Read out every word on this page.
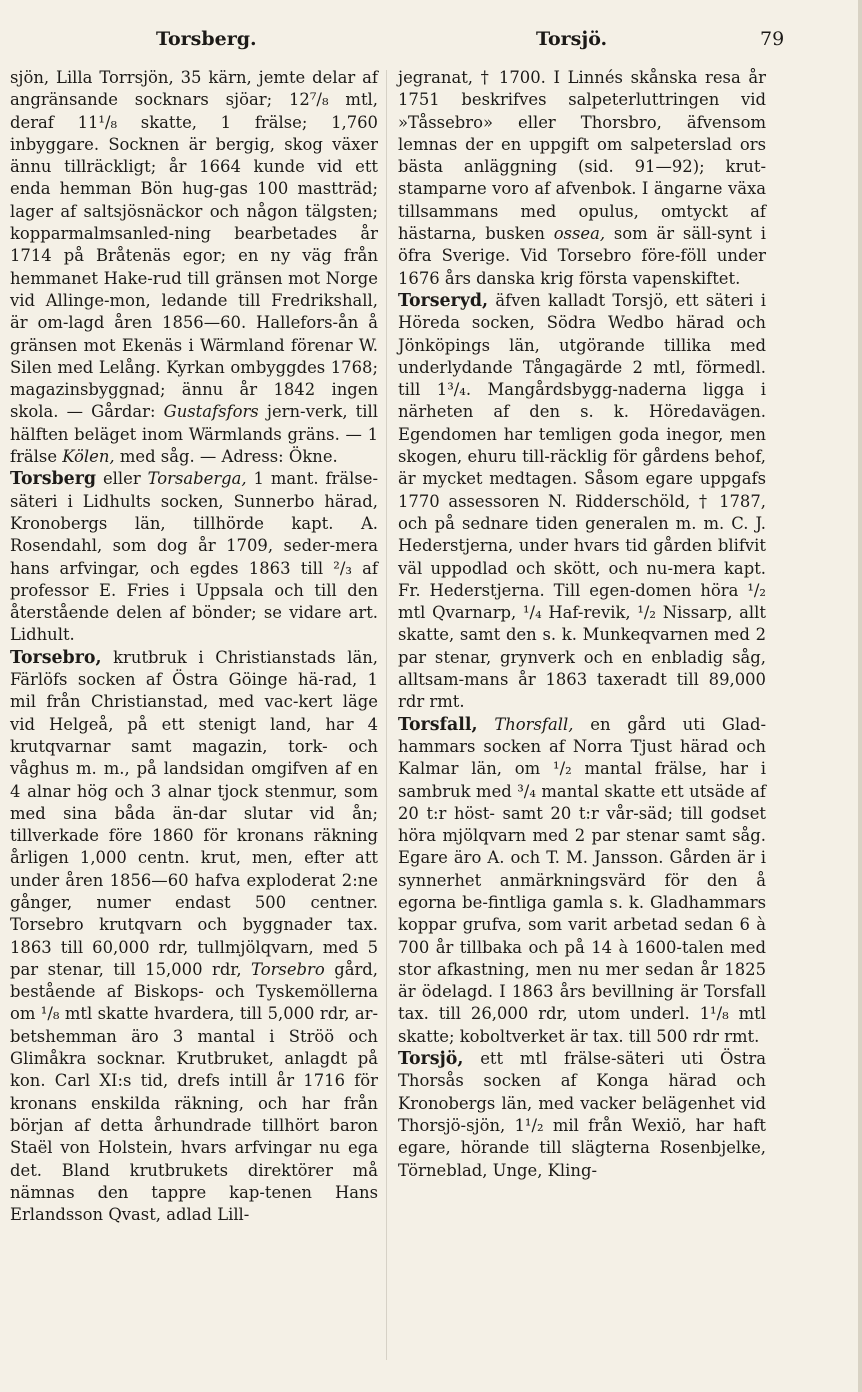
Torsberg.	Torsjö.	79

sjön, Lilla Torrsjön, 35 kärn, jemte delar af angränsande socknars sjöar; 12⁷/₈ mtl, deraf 11¹/₈ skatte, 1 frälse; 1,760 inbyggare. Socknen är bergig, skog växer ännu tillräckligt; år 1664 kunde vid ett enda hemman Bön hug-gas 100 mastträd; lager af saltsjösnäckor och någon tälgsten; kopparmalmsanled-ning bearbetades år 1714 på Bråtenäs egor; en ny väg från hemmanet Hake-rud till gränsen mot Norge vid Allinge-mon, ledande till Fredrikshall, är om-lagd åren 1856—60. Hallefors-ån å gränsen mot Ekenäs i Wärmland förenar W. Silen med Lelång. Kyrkan ombyggdes 1768; magazinsbyggnad; ännu år 1842 ingen skola. — Gårdar: Gustafsfors jern-verk, till hälften beläget inom Wärmlands gräns. — 1 frälse Kölen, med såg. — Adress: Ökne.

Torsberg eller Torsaberga, 1 mant. frälse-säteri i Lidhults socken, Sunnerbo härad, Kronobergs län, tillhörde kapt. A. Rosendahl, som dog år 1709, seder-mera hans arfvingar, och egdes 1863 till ²/₃ af professor E. Fries i Uppsala och till den återstående delen af bönder; se vidare art. Lidhult.

Torsebro, krutbruk i Christianstads län, Färlöfs socken af Östra Göinge hä-rad, 1 mil från Christianstad, med vac-kert läge vid Helgeå, på ett stenigt land, har 4 krutqvarnar samt magazin, tork- och våghus m. m., på landsidan omgifven af en 4 alnar hög och 3 alnar tjock stenmur, som med sina båda än-dar slutar vid ån; tillverkade före 1860 för kronans räkning årligen 1,000 centn. krut, men, efter att under åren 1856—60 hafva exploderat 2:ne gånger, numer endast 500 centner. Torsebro krutqvarn och byggnader tax. 1863 till 60,000 rdr, tullmjölqvarn, med 5 par stenar, till 15,000 rdr, Torsebro gård, bestående af Biskops- och Tyskemöllerna om ¹/₈ mtl skatte hvardera, till 5,000 rdr, ar-betshemman äro 3 mantal i Ströö och Glimåkra socknar. Krutbruket, anlagdt på kon. Carl XI:s tid, drefs intill år 1716 för kronans enskilda räkning, och har från början af detta århundrade tillhört baron Staël von Holstein, hvars arfvingar nu ega det. Bland krutbrukets direktörer må nämnas den tappre kap-tenen Hans Erlandsson Qvast, adlad Lill-

jegranat, † 1700. I Linnés skånska resa år 1751 beskrifves salpeterluttringen vid »Tåssebro» eller Thorsbro, äfvensom lemnas der en uppgift om salpeterslad ors bästa anläggning (sid. 91—92); krut-stamparne voro af afvenbok. I ängarne växa tillsammans med opulus, omtyckt af hästarna, busken ossea, som är säll-synt i öfra Sverige. Vid Torsebro före-föll under 1676 års danska krig första vapenskiftet.

Torseryd, äfven kalladt Torsjö, ett säteri i Höreda socken, Södra Wedbo härad och Jönköpings län, utgörande tillika med underlydande Tångagärde 2 mtl, förmedl. till 1³/₄. Mangårdsbygg-naderna ligga i närheten af den s. k. Höredavägen. Egendomen har temligen goda inegor, men skogen, ehuru till-räcklig för gårdens behof, är mycket medtagen. Såsom egare uppgafs 1770 assessoren N. Ridderschöld, † 1787, och på sednare tiden generalen m. m. C. J. Hederstjerna, under hvars tid gården blifvit väl uppodlad och skött, och nu-mera kapt. Fr. Hederstjerna. Till egen-domen höra ¹/₂ mtl Qvarnarp, ¹/₄ Haf-revik, ¹/₂ Nissarp, allt skatte, samt den s. k. Munkeqvarnen med 2 par stenar, grynverk och en enbladig såg, alltsam-mans år 1863 taxeradt till 89,000 rdr rmt.

Torsfall, Thorsfall, en gård uti Glad-hammars socken af Norra Tjust härad och Kalmar län, om ¹/₂ mantal frälse, har i sambruk med ³/₄ mantal skatte ett utsäde af 20 t:r höst- samt 20 t:r vår-säd; till godset höra mjölqvarn med 2 par stenar samt såg. Egare äro A. och T. M. Jansson. Gården är i synnerhet anmärkningsvärd för den å egorna be-fintliga gamla s. k. Gladhammars koppar grufva, som varit arbetad sedan 6 à 700 år tillbaka och på 14 à 1600-talen med stor afkastning, men nu mer sedan år 1825 är ödelagd. I 1863 års bevillning är Torsfall tax. till 26,000 rdr, utom underl. 1¹/₈ mtl skatte; koboltverket är tax. till 500 rdr rmt.

Torsjö, ett mtl frälse-säteri uti Östra Thorsås socken af Konga härad och Kronobergs län, med vacker belägenhet vid Thorsjö-sjön, 1¹/₂ mil från Wexiö, har haft egare, hörande till slägterna Rosenbjelke, Törneblad, Unge, Kling-
